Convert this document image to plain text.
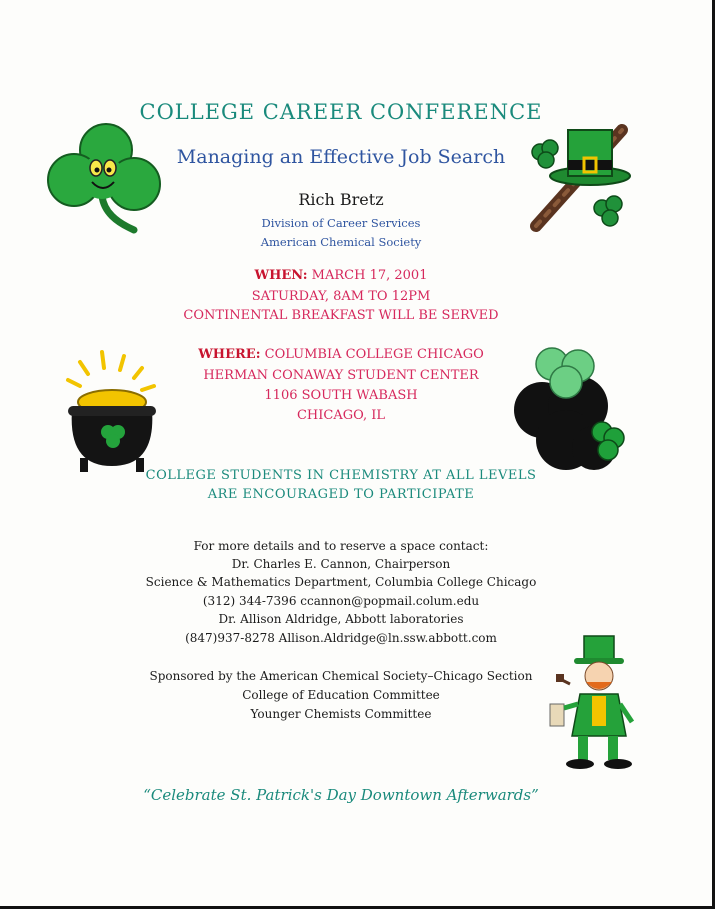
COLLEGE CAREER CONFERENCE
Managing an Effective Job Search
Rich Bretz
Division of Career Services
American Chemical Society
WHEN: MARCH 17, 2001
SATURDAY, 8AM TO 12PM
CONTINENTAL BREAKFAST WILL BE SERVED
WHERE: COLUMBIA COLLEGE CHICAGO
HERMAN CONAWAY STUDENT CENTER
1106 SOUTH WABASH
CHICAGO, IL
COLLEGE STUDENTS IN CHEMISTRY AT ALL LEVELS
ARE ENCOURAGED TO PARTICIPATE
For more details and to reserve a space contact:
Dr. Charles E. Cannon, Chairperson
Science & Mathematics Department, Columbia College Chicago
(312) 344-7396 ccannon@popmail.colum.edu
Dr. Allison Aldridge, Abbott laboratories
(847)937-8278 Allison.Aldridge@ln.ssw.abbott.com
Sponsored by the American Chemical Society–Chicago Section
College of Education Committee
Younger Chemists Committee
“Celebrate St. Patrick's Day Downtown Afterwards”
